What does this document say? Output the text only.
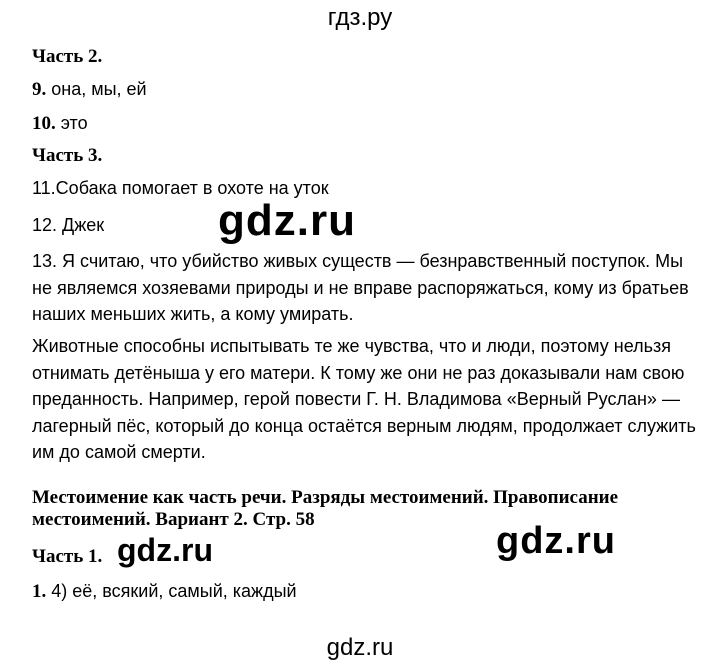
гдз.ру
Часть 2.
9. она, мы, ей
10. это
Часть 3.
11.Собака помогает в охоте на уток
12. Джек	gdz.ru
13. Я считаю, что убийство живых существ — безнравственный поступок. Мы не являемся хозяевами природы и не вправе распоряжаться, кому из братьев наших меньших жить, а кому умирать.
Животные способны испытывать те же чувства, что и люди, поэтому нельзя отнимать детёныша у его матери. К тому же они не раз доказывали нам свою преданность. Например, герой повести Г. Н. Владимова «Верный Руслан» — лагерный пёс, который до конца остаётся верным людям, продолжает служить им до самой смерти.
Местоимение как часть речи. Разряды местоимений. Правописание
местоимений. Вариант 2. Стр. 58
Часть 1. gdz.ru	gdz.ru
1. 4) её, всякий, самый, каждый
gdz.ru
